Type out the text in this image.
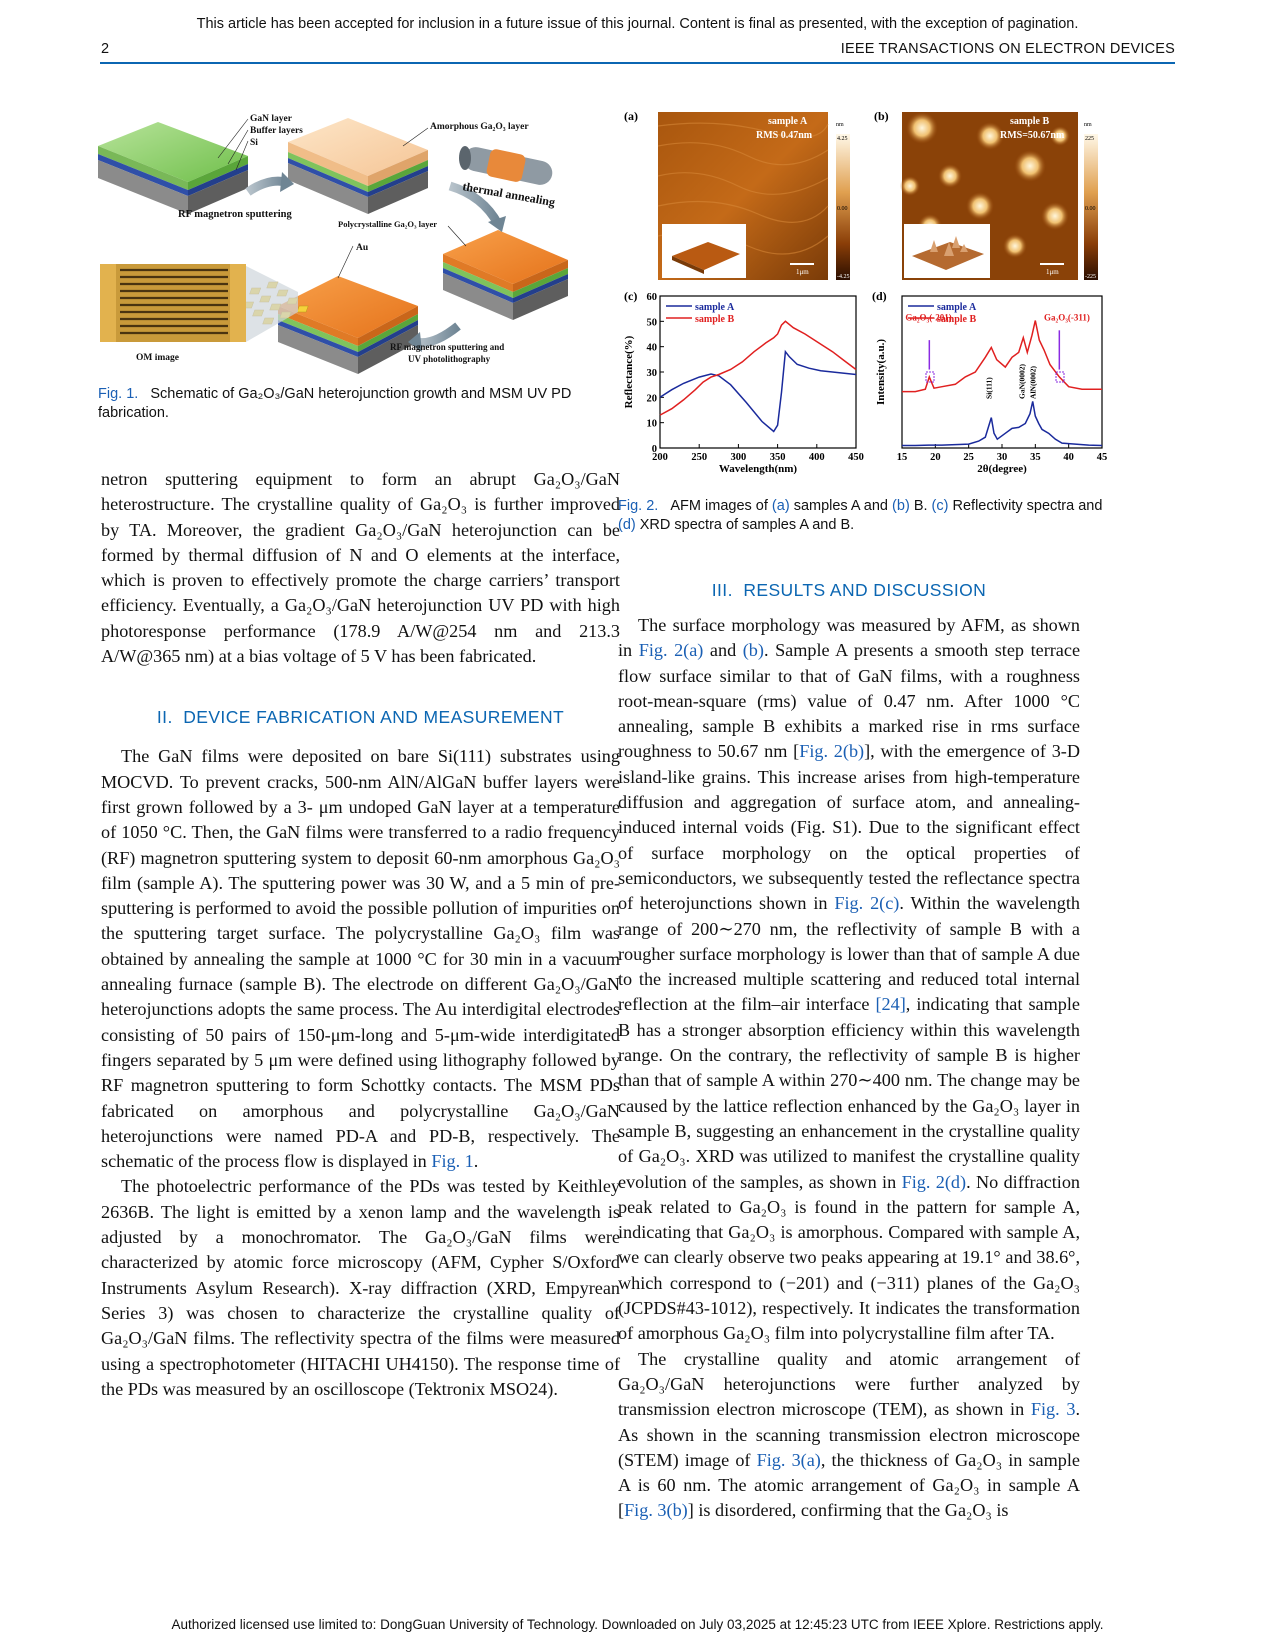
This article has been accepted for inclusion in a future issue of this journal. Content is final as presented, with the exception of pagination.
2	IEEE TRANSACTIONS ON ELECTRON DEVICES
GaN layer
Buffer layers
Si
Amorphous Ga₂O₃ layer
thermal annealing
RF magnetron sputtering
Polycrystalline Ga₂O₃ layer
Au
OM image
RF magnetron sputtering and
UV photolithography
Fig. 1. Schematic of Ga₂O₃/GaN heterojunction growth and MSM UV PD fabrication.
(a)	sample A
RMS 0.47nm
1μm
nm
4.25
0.00
-4.25
(b)	sample B
RMS=50.67nm
1μm
nm
225
0.00
-225
(c)
200 250 300 350 400 450
0
10
20
30
40
50
60
Wavelength(nm)
Reflectance(%)
sample A
sample B
(d)
15 20 25 30 35 40 45
2θ(degree)
Intensity(a.u.)
sample A
sample B
Ga₂O₃(-201)	Ga₂O₃(-311)
Si(111)	GaN(0002) AlN(0002)
Fig. 2. AFM images of (a) samples A and (b) B. (c) Reflectivity spectra and (d) XRD spectra of samples A and B.

netron sputtering equipment to form an abrupt Ga₂O₃/GaN heterostructure. The crystalline quality of Ga₂O₃ is further improved by TA. Moreover, the gradient Ga₂O₃/GaN heterojunction can be formed by thermal diffusion of N and O elements at the interface, which is proven to effectively promote the charge carriers’ transport efficiency. Eventually, a Ga₂O₃/GaN heterojunction UV PD with high photoresponse performance (178.9 A/W@254 nm and 213.3 A/W@365 nm) at a bias voltage of 5 V has been fabricated.

II. DEVICE FABRICATION AND MEASUREMENT

The GaN films were deposited on bare Si(111) substrates using MOCVD. To prevent cracks, 500-nm AlN/AlGaN buffer layers were first grown followed by a 3- μm undoped GaN layer at a temperature of 1050 °C. Then, the GaN films were transferred to a radio frequency (RF) magnetron sputtering system to deposit 60-nm amorphous Ga₂O₃ film (sample A). The sputtering power was 30 W, and a 5 min of pre-sputtering is performed to avoid the possible pollution of impurities on the sputtering target surface. The polycrystalline Ga₂O₃ film was obtained by annealing the sample at 1000 °C for 30 min in a vacuum annealing furnace (sample B). The electrode on different Ga₂O₃/GaN heterojunctions adopts the same process. The Au interdigital electrodes consisting of 50 pairs of 150-μm-long and 5-μm-wide interdigitated fingers separated by 5 μm were defined using lithography followed by RF magnetron sputtering to form Schottky contacts. The MSM PDs fabricated on amorphous and polycrystalline Ga₂O₃/GaN heterojunctions were named PD-A and PD-B, respectively. The schematic of the process flow is displayed in Fig. 1.

The photoelectric performance of the PDs was tested by Keithley 2636B. The light is emitted by a xenon lamp and the wavelength is adjusted by a monochromator. The Ga₂O₃/GaN films were characterized by atomic force microscopy (AFM, Cypher S/Oxford Instruments Asylum Research). X-ray diffraction (XRD, Empyrean Series 3) was chosen to characterize the crystalline quality of Ga₂O₃/GaN films. The reflectivity spectra of the films were measured using a spectrophotometer (HITACHI UH4150). The response time of the PDs was measured by an oscilloscope (Tektronix MSO24).

III. RESULTS AND DISCUSSION

The surface morphology was measured by AFM, as shown in Fig. 2(a) and (b). Sample A presents a smooth step terrace flow surface similar to that of GaN films, with a roughness root-mean-square (rms) value of 0.47 nm. After 1000 °C annealing, sample B exhibits a marked rise in rms surface roughness to 50.67 nm [Fig. 2(b)], with the emergence of 3-D island-like grains. This increase arises from high-temperature diffusion and aggregation of surface atom, and annealing-induced internal voids (Fig. S1). Due to the significant effect of surface morphology on the optical properties of semiconductors, we subsequently tested the reflectance spectra of heterojunctions shown in Fig. 2(c). Within the wavelength range of 200∼270 nm, the reflectivity of sample B with a rougher surface morphology is lower than that of sample A due to the increased multiple scattering and reduced total internal reflection at the film–air interface [24], indicating that sample B has a stronger absorption efficiency within this wavelength range. On the contrary, the reflectivity of sample B is higher than that of sample A within 270∼400 nm. The change may be caused by the lattice reflection enhanced by the Ga₂O₃ layer in sample B, suggesting an enhancement in the crystalline quality of Ga₂O₃. XRD was utilized to manifest the crystalline quality evolution of the samples, as shown in Fig. 2(d). No diffraction peak related to Ga₂O₃ is found in the pattern for sample A, indicating that Ga₂O₃ is amorphous. Compared with sample A, we can clearly observe two peaks appearing at 19.1° and 38.6°, which correspond to (−201) and (−311) planes of the Ga₂O₃ (JCPDS#43-1012), respectively. It indicates the transformation of amorphous Ga₂O₃ film into polycrystalline film after TA.

The crystalline quality and atomic arrangement of Ga₂O₃/GaN heterojunctions were further analyzed by transmission electron microscope (TEM), as shown in Fig. 3. As shown in the scanning transmission electron microscope (STEM) image of Fig. 3(a), the thickness of Ga₂O₃ in sample A is 60 nm. The atomic arrangement of Ga₂O₃ in sample A [Fig. 3(b)] is disordered, confirming that the Ga₂O₃ is

Authorized licensed use limited to: DongGuan University of Technology. Downloaded on July 03,2025 at 12:45:23 UTC from IEEE Xplore. Restrictions apply.
